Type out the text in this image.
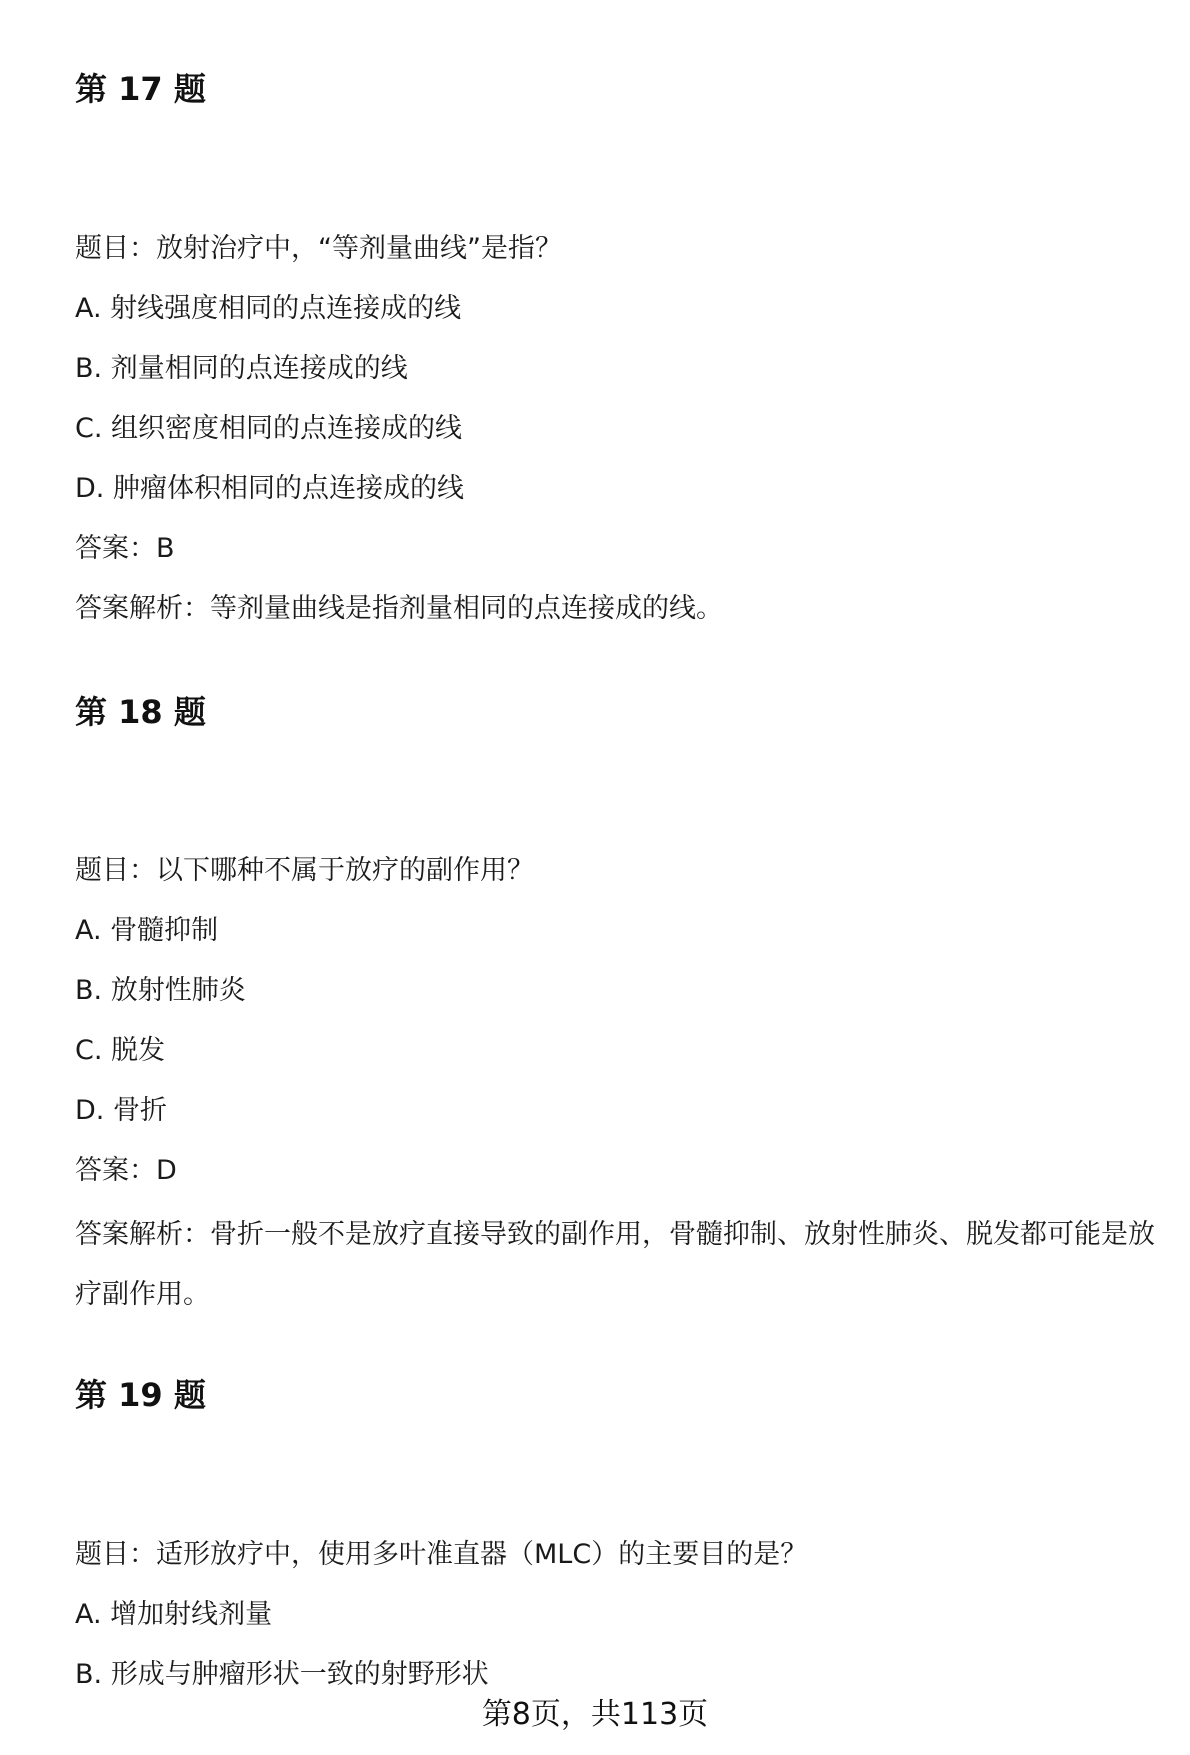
第 17 题

题目：放射治疗中，“等剂量曲线”是指？

A. 射线强度相同的点连接成的线

B. 剂量相同的点连接成的线

C. 组织密度相同的点连接成的线

D. 肿瘤体积相同的点连接成的线

答案：B

答案解析：等剂量曲线是指剂量相同的点连接成的线。

第 18 题

题目：以下哪种不属于放疗的副作用？

A. 骨髓抑制

B. 放射性肺炎

C. 脱发

D. 骨折

答案：D

答案解析：骨折一般不是放疗直接导致的副作用，骨髓抑制、放射性肺炎、脱发都可能是放疗副作用。

第 19 题

题目：适形放疗中，使用多叶准直器（MLC）的主要目的是？

A. 增加射线剂量

B. 形成与肿瘤形状一致的射野形状

第8页，共113页
